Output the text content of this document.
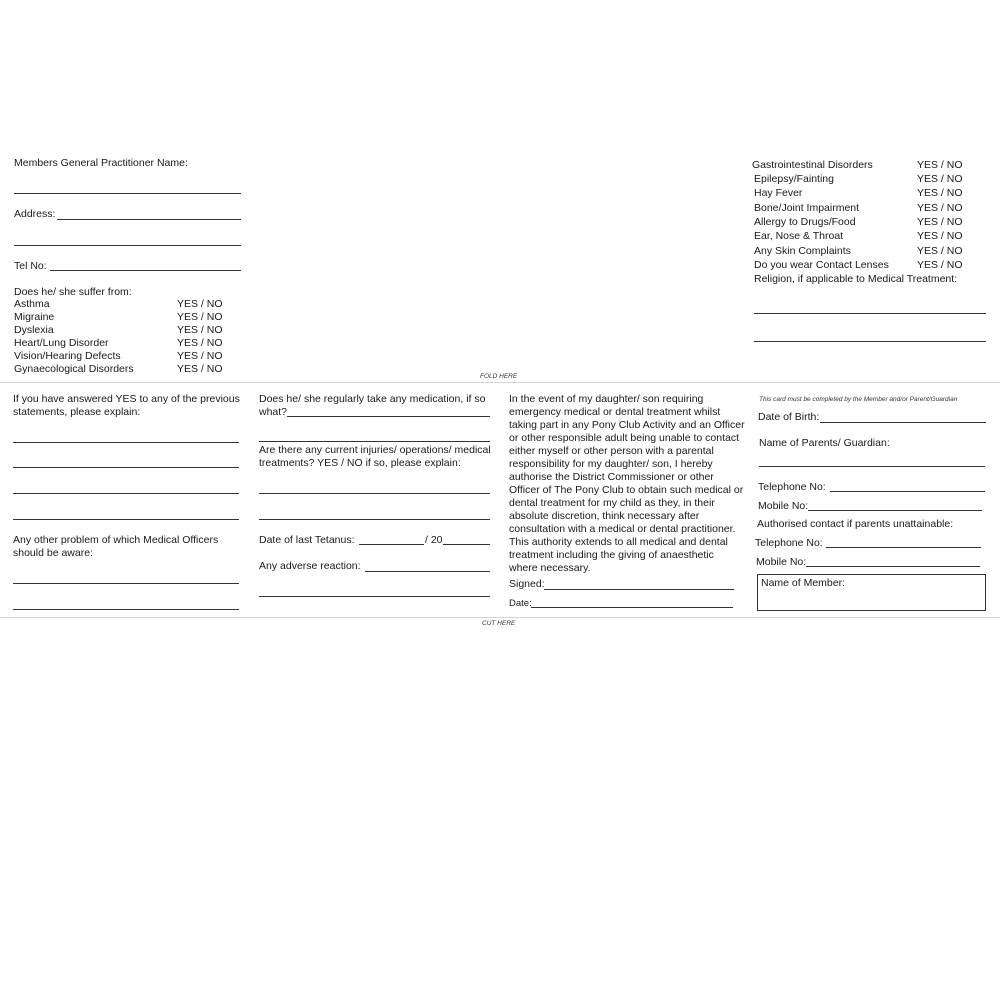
Members General Practitioner Name:
Address:
Tel No:
Does he/ she suffer from:
Asthma	YES / NO
Migraine	YES / NO
Dyslexia	YES / NO
Heart/Lung Disorder	YES / NO
Vision/Hearing Defects	YES / NO
Gynaecological Disorders	YES / NO
Gastrointestinal Disorders	YES / NO
Epilepsy/Fainting	YES / NO
Hay Fever	YES / NO
Bone/Joint Impairment	YES / NO
Allergy to Drugs/Food	YES / NO
Ear, Nose & Throat	YES / NO
Any Skin Complaints	YES / NO
Do you wear Contact Lenses	YES / NO
Religion, if applicable to Medical Treatment:
FOLD HERE
If you have answered YES to any of the previous statements, please explain:
Any other problem of which Medical Officers should be aware:
Does he/ she regularly take any medication, if so what?
Are there any current injuries/ operations/ medical treatments? YES / NO if so, please explain:
Date of last Tetanus:	/ 20
Any adverse reaction:
In the event of my daughter/ son requiring emergency medical or dental treatment whilst taking part in any Pony Club Activity and an Officer or other responsible adult being unable to contact either myself or other person with a parental responsibility for my daughter/ son, I hereby authorise the District Commissioner or other Officer of The Pony Club to obtain such medical or dental treatment for my child as they, in their absolute discretion, think necessary after consultation with a medical or dental practitioner. This authority extends to all medical and dental treatment including the giving of anaesthetic where necessary.
Signed:
Date:
This card must be completed by the Member and/or Parent/Guardian
Date of Birth:
Name of Parents/ Guardian:
Telephone No:
Mobile No:
Authorised contact if parents unattainable:
Telephone No:
Mobile No:
Name of Member:
CUT HERE
